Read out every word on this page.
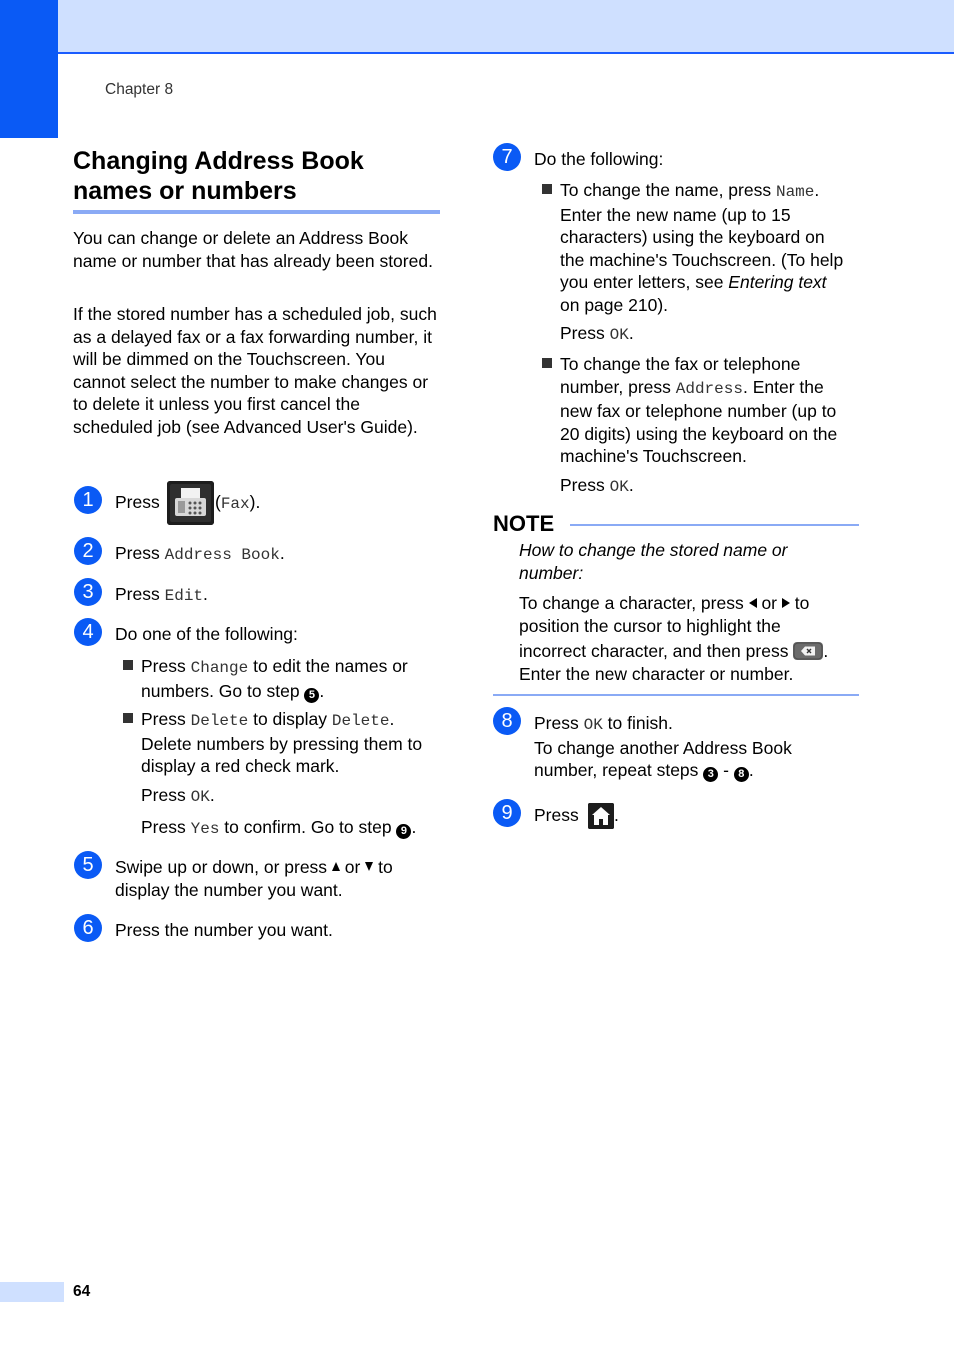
Chapter 8
Changing Address Book
names or numbers
You can change or delete an Address Book name or number that has already been stored.
If the stored number has a scheduled job, such as a delayed fax or a fax forwarding number, it will be dimmed on the Touchscreen. You cannot select the number to make changes or to delete it unless you first cancel the scheduled job (see Advanced User's Guide).
1	Press	(Fax).
2	Press Address Book.
3	Press Edit.
4	Do one of the following:
Press Change to edit the names or
numbers. Go to step 5 .
Press Delete to display Delete.
Delete numbers by pressing them to
display a red check mark.
Press OK.
Press Yes to confirm. Go to step 9 .
5	Swipe up or down, or press  or  to
display the number you want.
6	Press the number you want.
7	Do the following:
To change the name, press Name.
Enter the new name (up to 15
characters) using the keyboard on
the machine's Touchscreen. (To help
you enter letters, see Entering text
on page 210).
Press OK.
To change the fax or telephone
number, press Address. Enter the
new fax or telephone number (up to
20 digits) using the keyboard on the
machine's Touchscreen.
Press OK.
NOTE
How to change the stored name or
number:
To change a character, press  or  to
position the cursor to highlight the
incorrect character, and then press
.
Enter the new character or number.
8	Press OK to finish.
To change another Address Book
number, repeat steps 3 - 8 .
9	Press .
64
